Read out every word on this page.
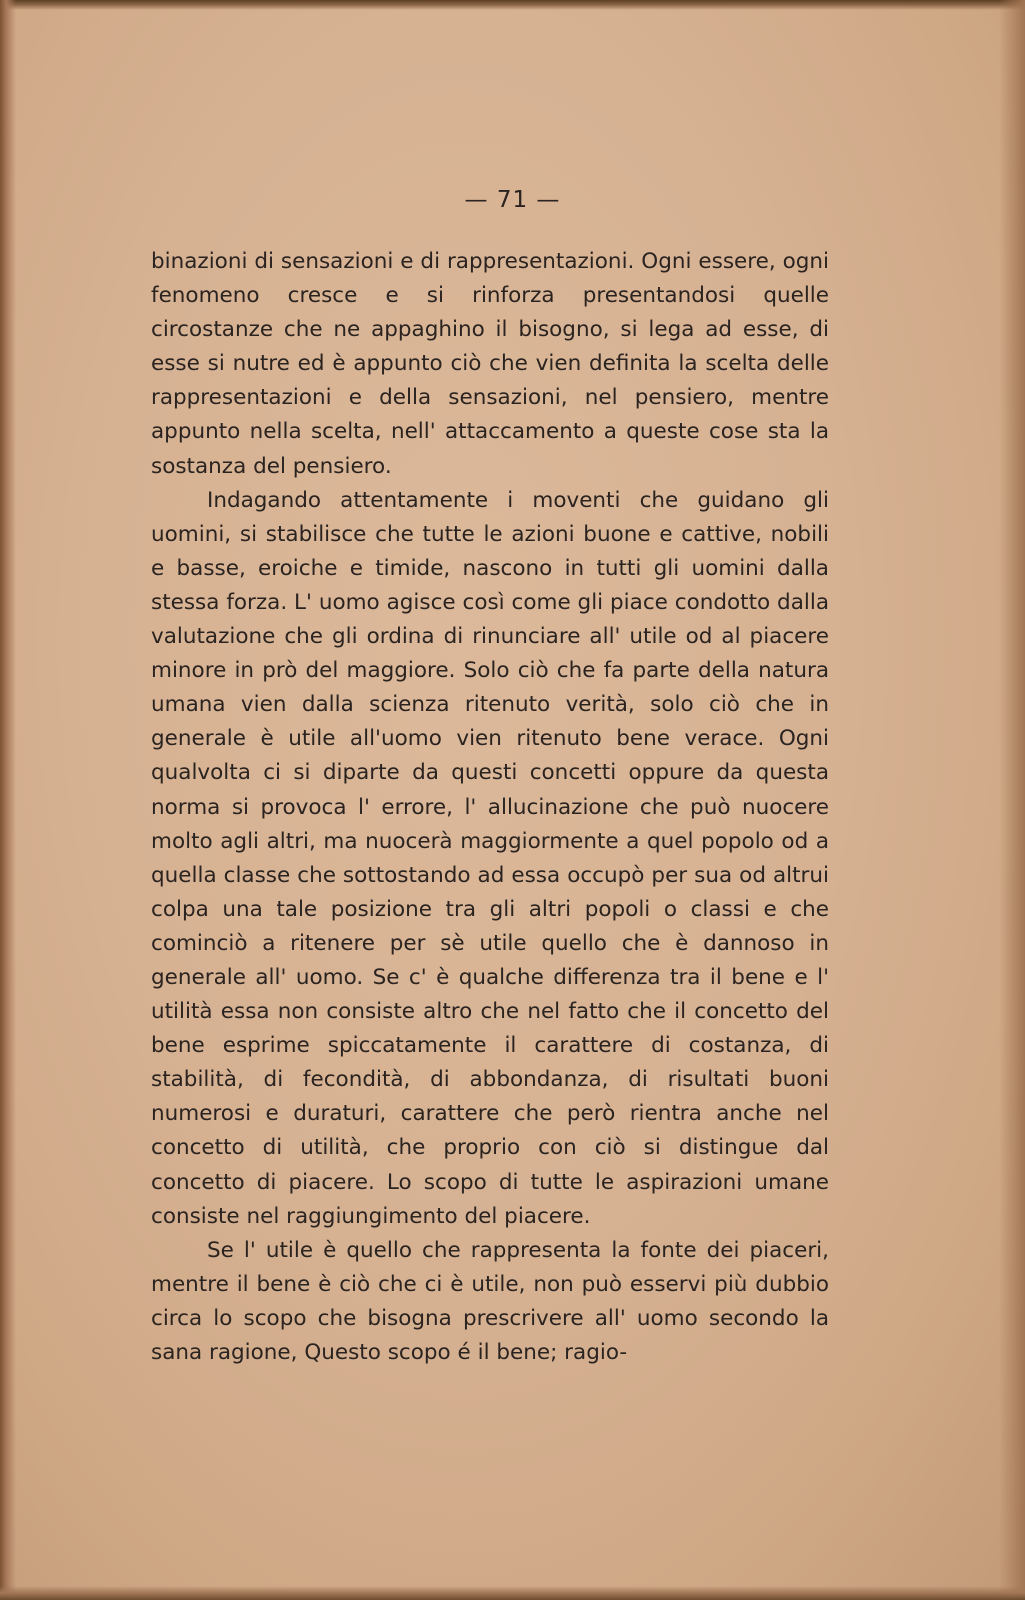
— 71 —

binazioni di sensazioni e di rappresentazioni. Ogni essere, ogni fenomeno cresce e si rinforza presentandosi quelle circostanze che ne appaghino il bisogno, si lega ad esse, di esse si nutre ed è appunto ciò che vien definita la scelta delle rappresentazioni e della sensazioni, nel pensiero, mentre appunto nella scelta, nell' attaccamento a queste cose sta la sostanza del pensiero.

Indagando attentamente i moventi che guidano gli uomini, si stabilisce che tutte le azioni buone e cattive, nobili e basse, eroiche e timide, nascono in tutti gli uomini dalla stessa forza. L' uomo agisce così come gli piace condotto dalla valutazione che gli ordina di rinunciare all' utile od al piacere minore in prò del maggiore. Solo ciò che fa parte della natura umana vien dalla scienza ritenuto verità, solo ciò che in generale è utile all'uomo vien ritenuto bene verace. Ogni qualvolta ci si diparte da questi concetti oppure da questa norma si provoca l' errore, l' allucinazione che può nuocere molto agli altri, ma nuocerà maggiormente a quel popolo od a quella classe che sottostando ad essa occupò per sua od altrui colpa una tale posizione tra gli altri popoli o classi e che cominciò a ritenere per sè utile quello che è dannoso in generale all' uomo. Se c' è qualche differenza tra il bene e l' utilità essa non consiste altro che nel fatto che il concetto del bene esprime spiccatamente il carattere di costanza, di stabilità, di fecondità, di abbondanza, di risultati buoni numerosi e duraturi, carattere che però rientra anche nel concetto di utilità, che proprio con ciò si distingue dal concetto di piacere. Lo scopo di tutte le aspirazioni umane consiste nel raggiungimento del piacere.

Se l' utile è quello che rappresenta la fonte dei piaceri, mentre il bene è ciò che ci è utile, non può esservi più dubbio circa lo scopo che bisogna prescrivere all' uomo secondo la sana ragione, Questo scopo é il bene; ragio-
